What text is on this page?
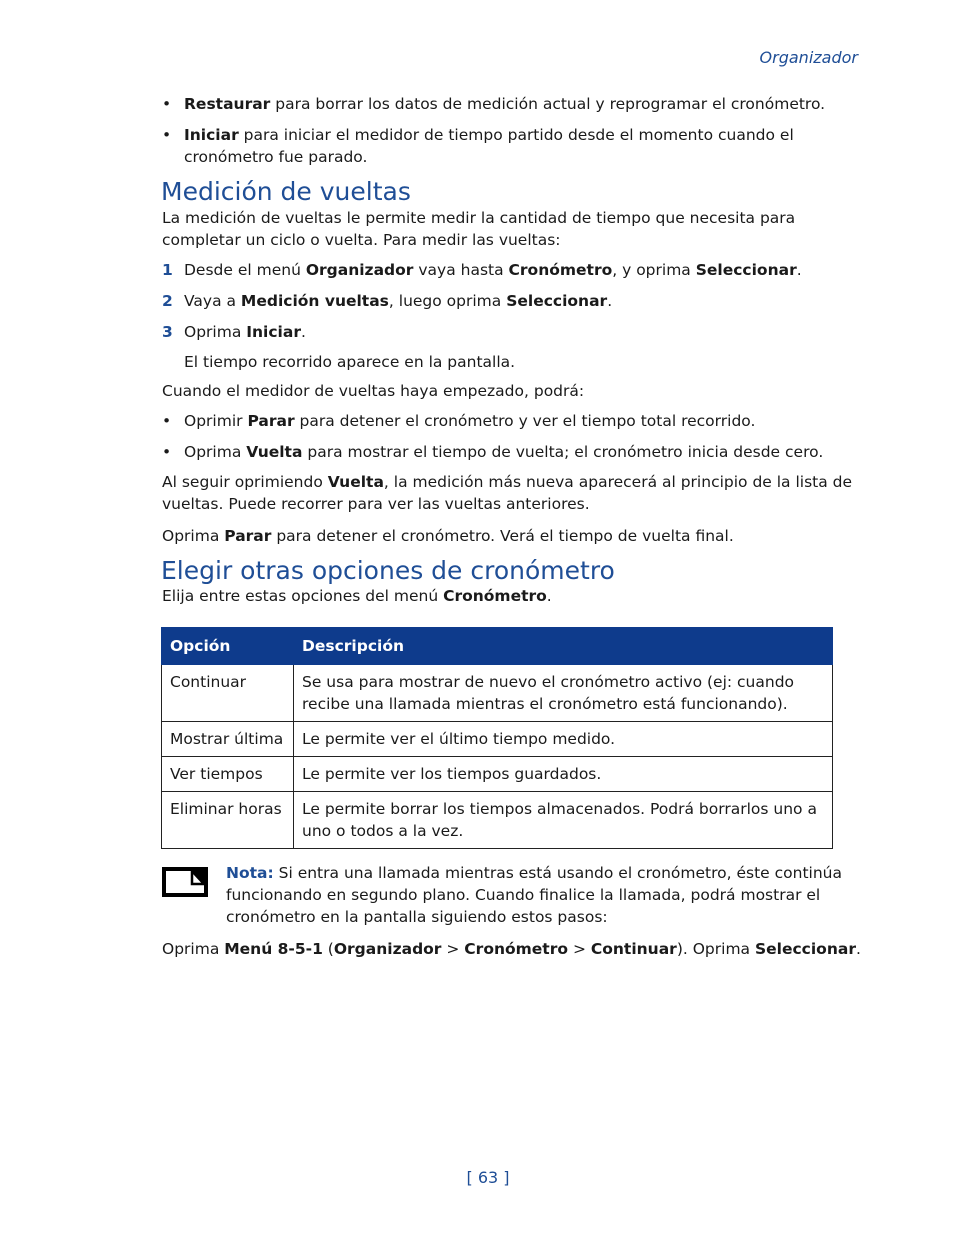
Organizador
• Restaurar para borrar los datos de medición actual y reprogramar el cronómetro.
• Iniciar para iniciar el medidor de tiempo partido desde el momento cuando el cronómetro fue parado.
Medición de vueltas
La medición de vueltas le permite medir la cantidad de tiempo que necesita para completar un ciclo o vuelta. Para medir las vueltas:
1 Desde el menú Organizador vaya hasta Cronómetro, y oprima Seleccionar.
2 Vaya a Medición vueltas, luego oprima Seleccionar.
3 Oprima Iniciar.
El tiempo recorrido aparece en la pantalla.
Cuando el medidor de vueltas haya empezado, podrá:
• Oprimir Parar para detener el cronómetro y ver el tiempo total recorrido.
• Oprima Vuelta para mostrar el tiempo de vuelta; el cronómetro inicia desde cero.
Al seguir oprimiendo Vuelta, la medición más nueva aparecerá al principio de la lista de vueltas. Puede recorrer para ver las vueltas anteriores.
Oprima Parar para detener el cronómetro. Verá el tiempo de vuelta final.
Elegir otras opciones de cronómetro
Elija entre estas opciones del menú Cronómetro.
Opción	Descripción
Continuar	Se usa para mostrar de nuevo el cronómetro activo (ej: cuando recibe una llamada mientras el cronómetro está funcionando).
Mostrar última	Le permite ver el último tiempo medido.
Ver tiempos	Le permite ver los tiempos guardados.
Eliminar horas	Le permite borrar los tiempos almacenados. Podrá borrarlos uno a uno o todos a la vez.
Nota: Si entra una llamada mientras está usando el cronómetro, éste continúa funcionando en segundo plano. Cuando finalice la llamada, podrá mostrar el cronómetro en la pantalla siguiendo estos pasos:
Oprima Menú 8-5-1 (Organizador > Cronómetro > Continuar). Oprima Seleccionar.
[ 63 ]
